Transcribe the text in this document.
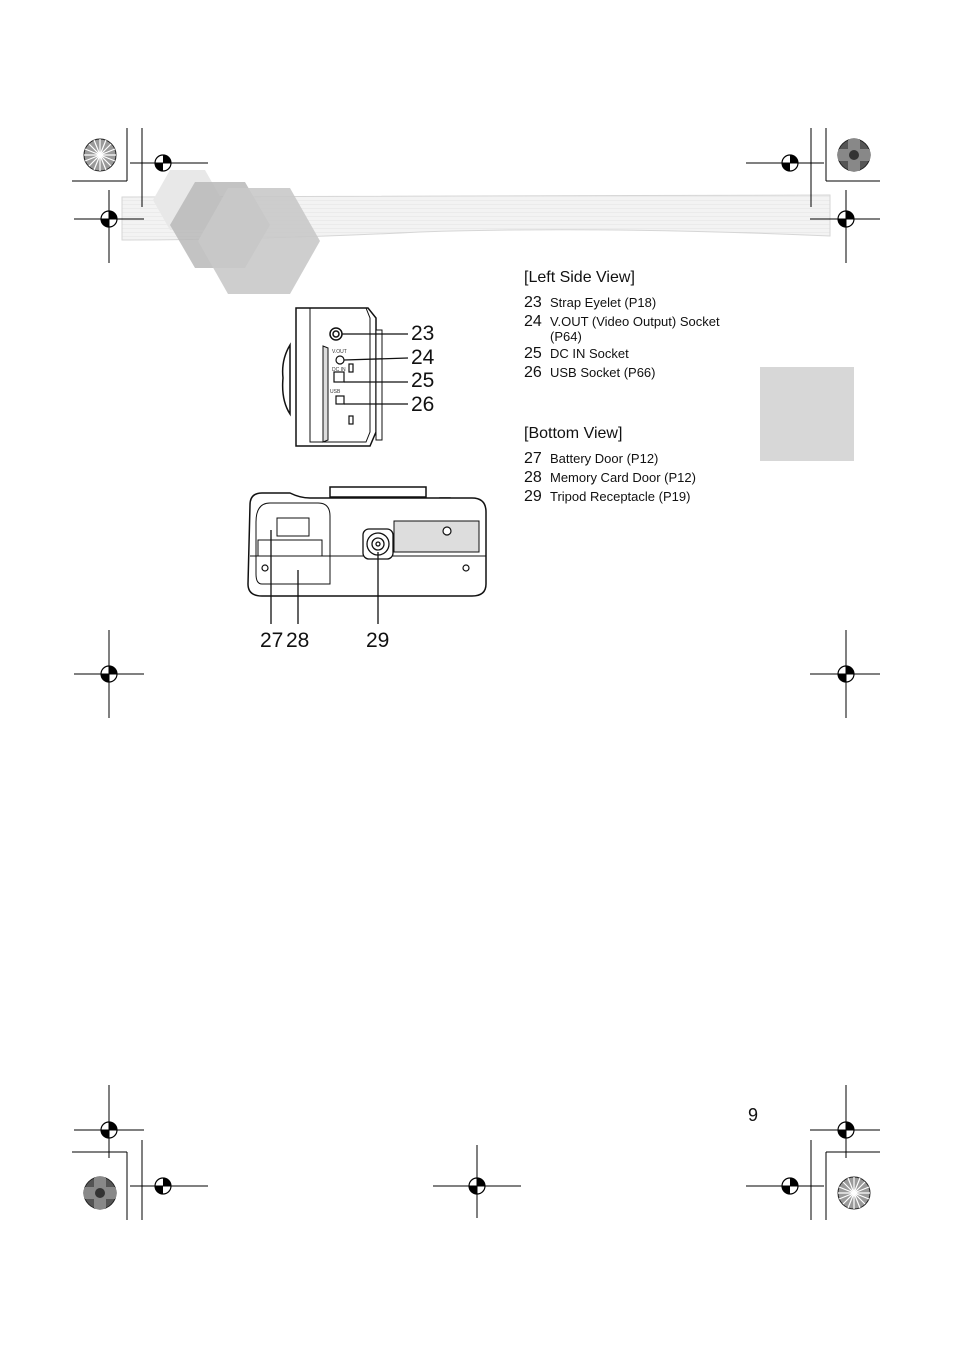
V.OUT
DC IN
USB
23
24
25
26
27 28	29
[Left Side View]
23 Strap Eyelet (P18)
24 V.OUT (Video Output) Socket (P64)
25 DC IN Socket
26 USB Socket (P66)
[Bottom View]
27 Battery Door (P12)
28 Memory Card Door (P12)
29 Tripod Receptacle (P19)
9
